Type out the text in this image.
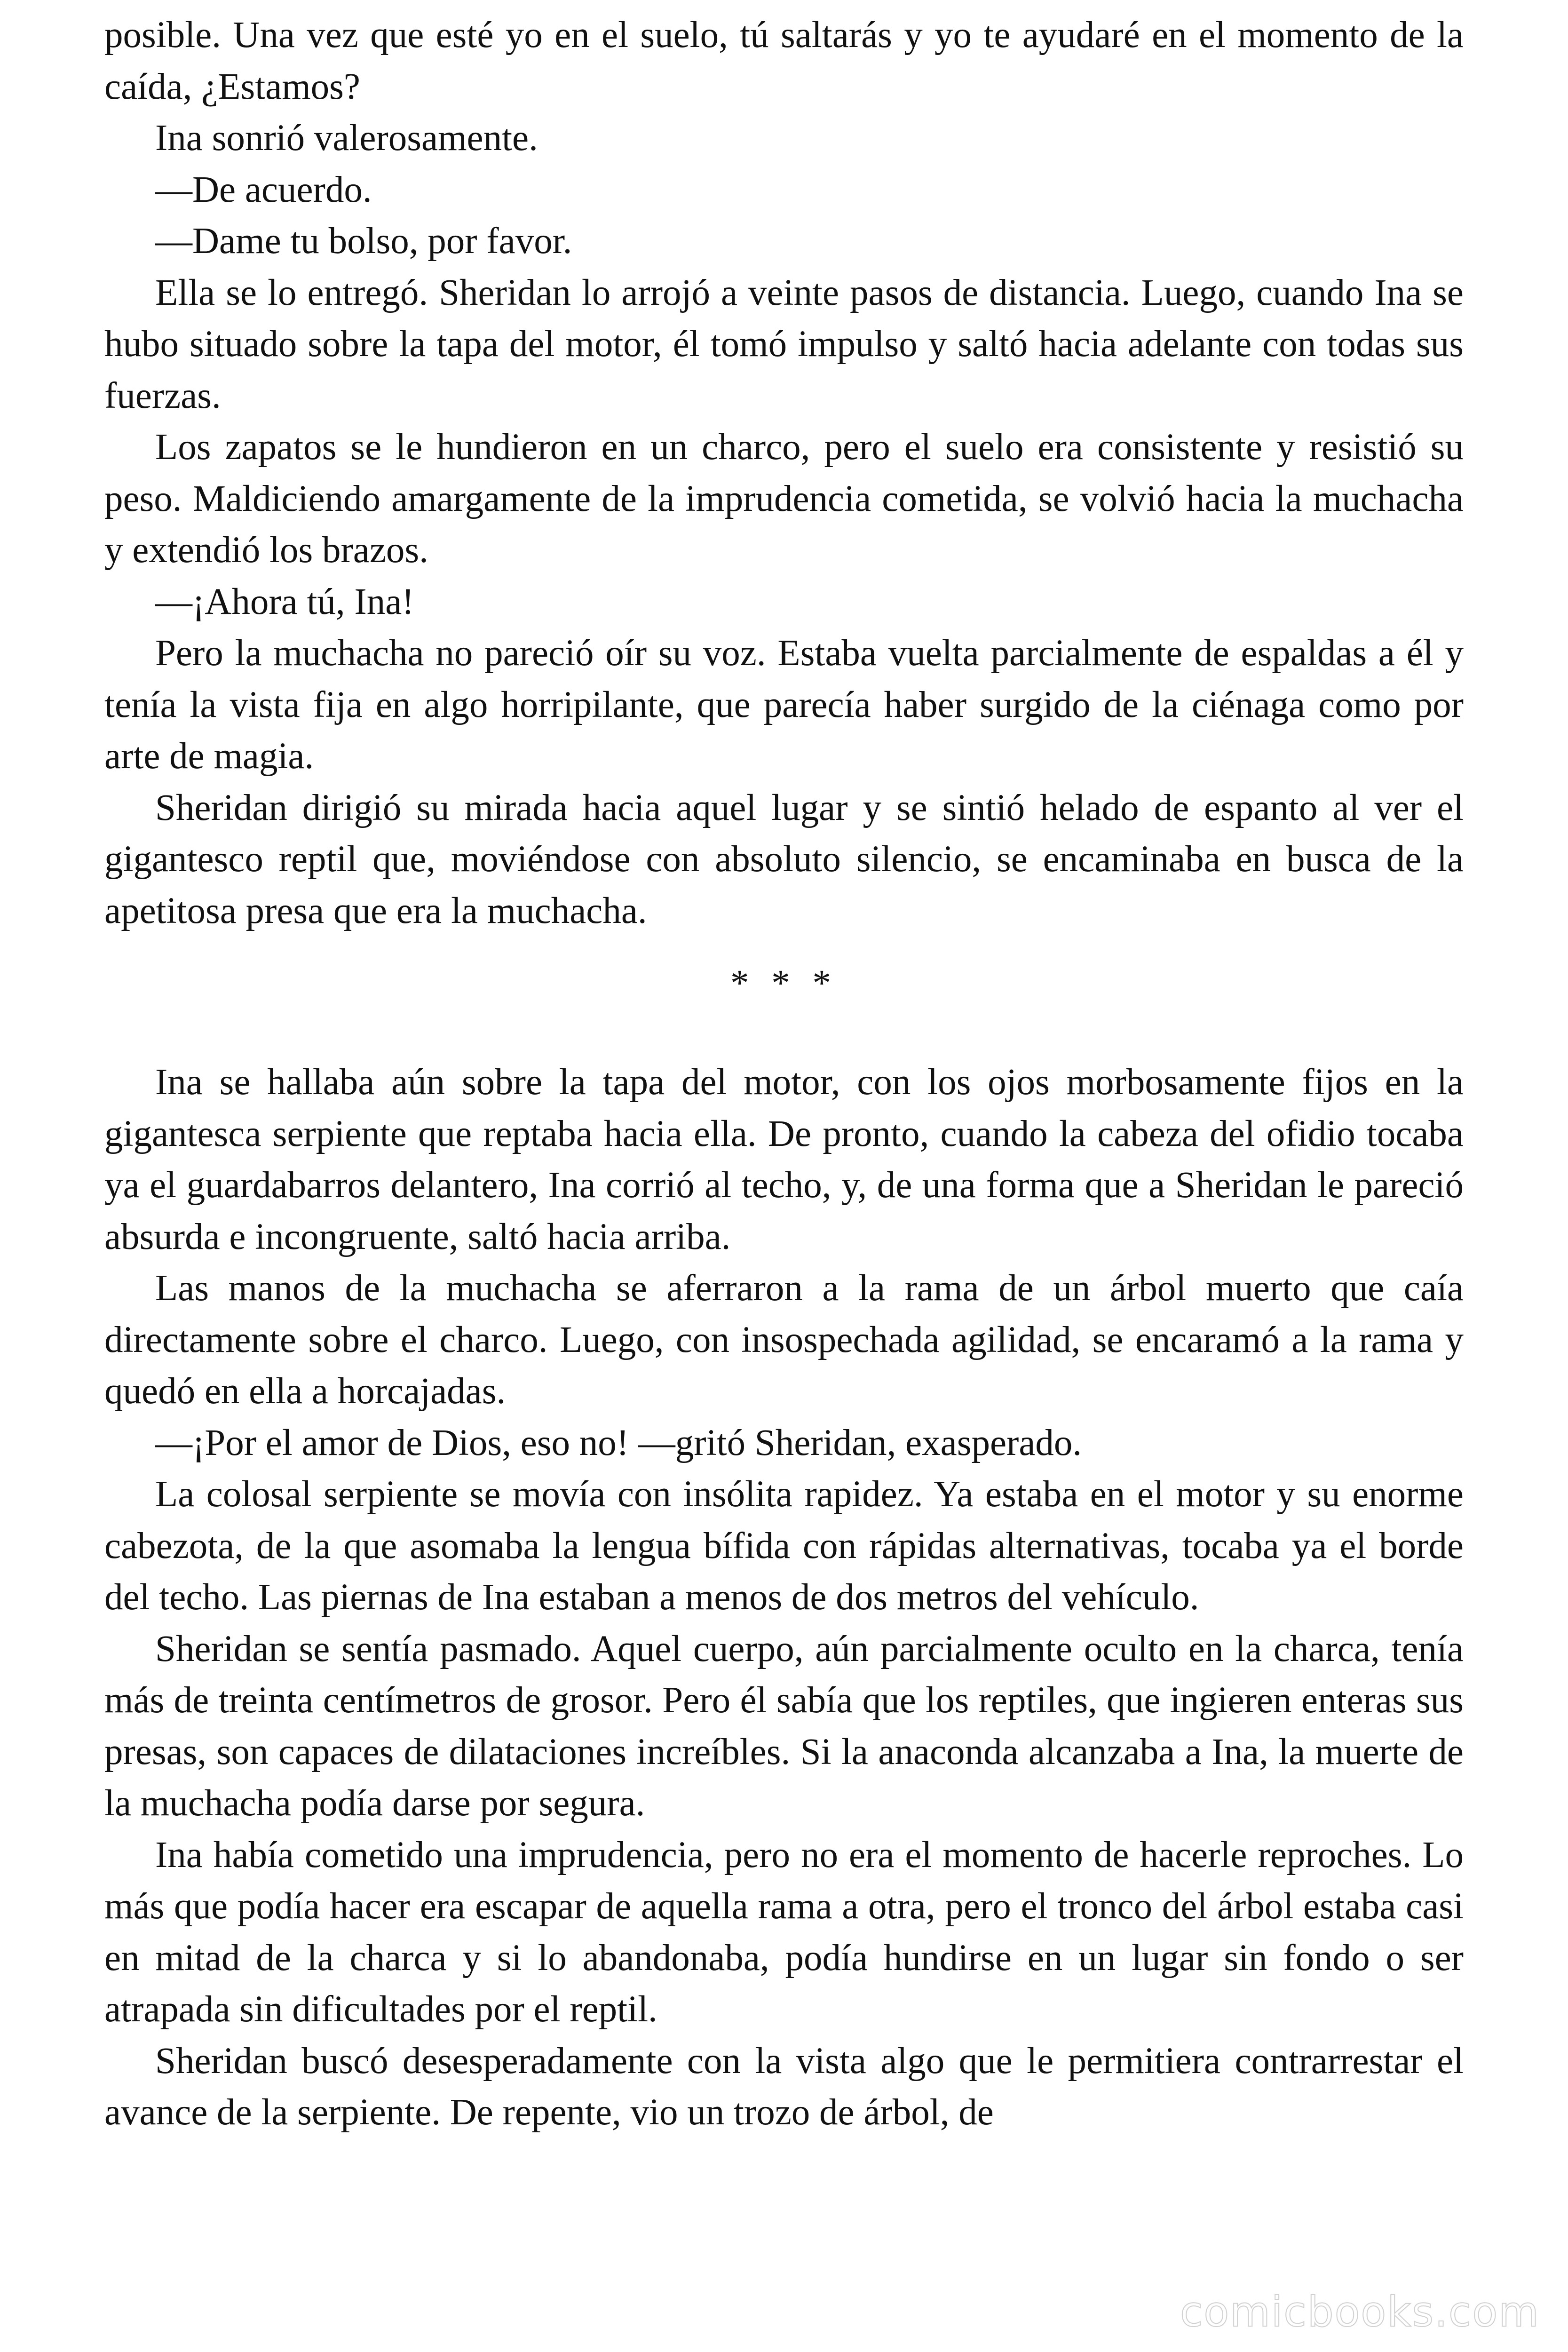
posible. Una vez que esté yo en el suelo, tú saltarás y yo te ayudaré en el momento de la caída, ¿Estamos?

Ina sonrió valerosamente.

—De acuerdo.

—Dame tu bolso, por favor.

Ella se lo entregó. Sheridan lo arrojó a veinte pasos de distancia. Luego, cuando Ina se hubo situado sobre la tapa del motor, él tomó impulso y saltó hacia adelante con todas sus fuerzas.

Los zapatos se le hundieron en un charco, pero el suelo era consistente y resistió su peso. Maldiciendo amargamente de la imprudencia cometida, se volvió hacia la muchacha y extendió los brazos.

—¡Ahora tú, Ina!

Pero la muchacha no pareció oír su voz. Estaba vuelta parcialmente de espaldas a él y tenía la vista fija en algo horripilante, que parecía haber surgido de la ciénaga como por arte de magia.

Sheridan dirigió su mirada hacia aquel lugar y se sintió helado de espanto al ver el gigantesco reptil que, moviéndose con absoluto silencio, se encaminaba en busca de la apetitosa presa que era la muchacha.

* * *

Ina se hallaba aún sobre la tapa del motor, con los ojos morbosamente fijos en la gigantesca serpiente que reptaba hacia ella. De pronto, cuando la cabeza del ofidio tocaba ya el guardabarros delantero, Ina corrió al techo, y, de una forma que a Sheridan le pareció absurda e incongruente, saltó hacia arriba.

Las manos de la muchacha se aferraron a la rama de un árbol muerto que caía directamente sobre el charco. Luego, con insospechada agilidad, se encaramó a la rama y quedó en ella a horcajadas.

—¡Por el amor de Dios, eso no! —gritó Sheridan, exasperado.

La colosal serpiente se movía con insólita rapidez. Ya estaba en el motor y su enorme cabezota, de la que asomaba la lengua bífida con rápidas alternativas, tocaba ya el borde del techo. Las piernas de Ina estaban a menos de dos metros del vehículo.

Sheridan se sentía pasmado. Aquel cuerpo, aún parcialmente oculto en la charca, tenía más de treinta centímetros de grosor. Pero él sabía que los reptiles, que ingieren enteras sus presas, son capaces de dilataciones increíbles. Si la anaconda alcanzaba a Ina, la muerte de la muchacha podía darse por segura.

Ina había cometido una imprudencia, pero no era el momento de hacerle reproches. Lo más que podía hacer era escapar de aquella rama a otra, pero el tronco del árbol estaba casi en mitad de la charca y si lo abandonaba, podía hundirse en un lugar sin fondo o ser atrapada sin dificultades por el reptil.

Sheridan buscó desesperadamente con la vista algo que le permitiera contrarrestar el avance de la serpiente. De repente, vio un trozo de árbol, de

comicbooks.com
